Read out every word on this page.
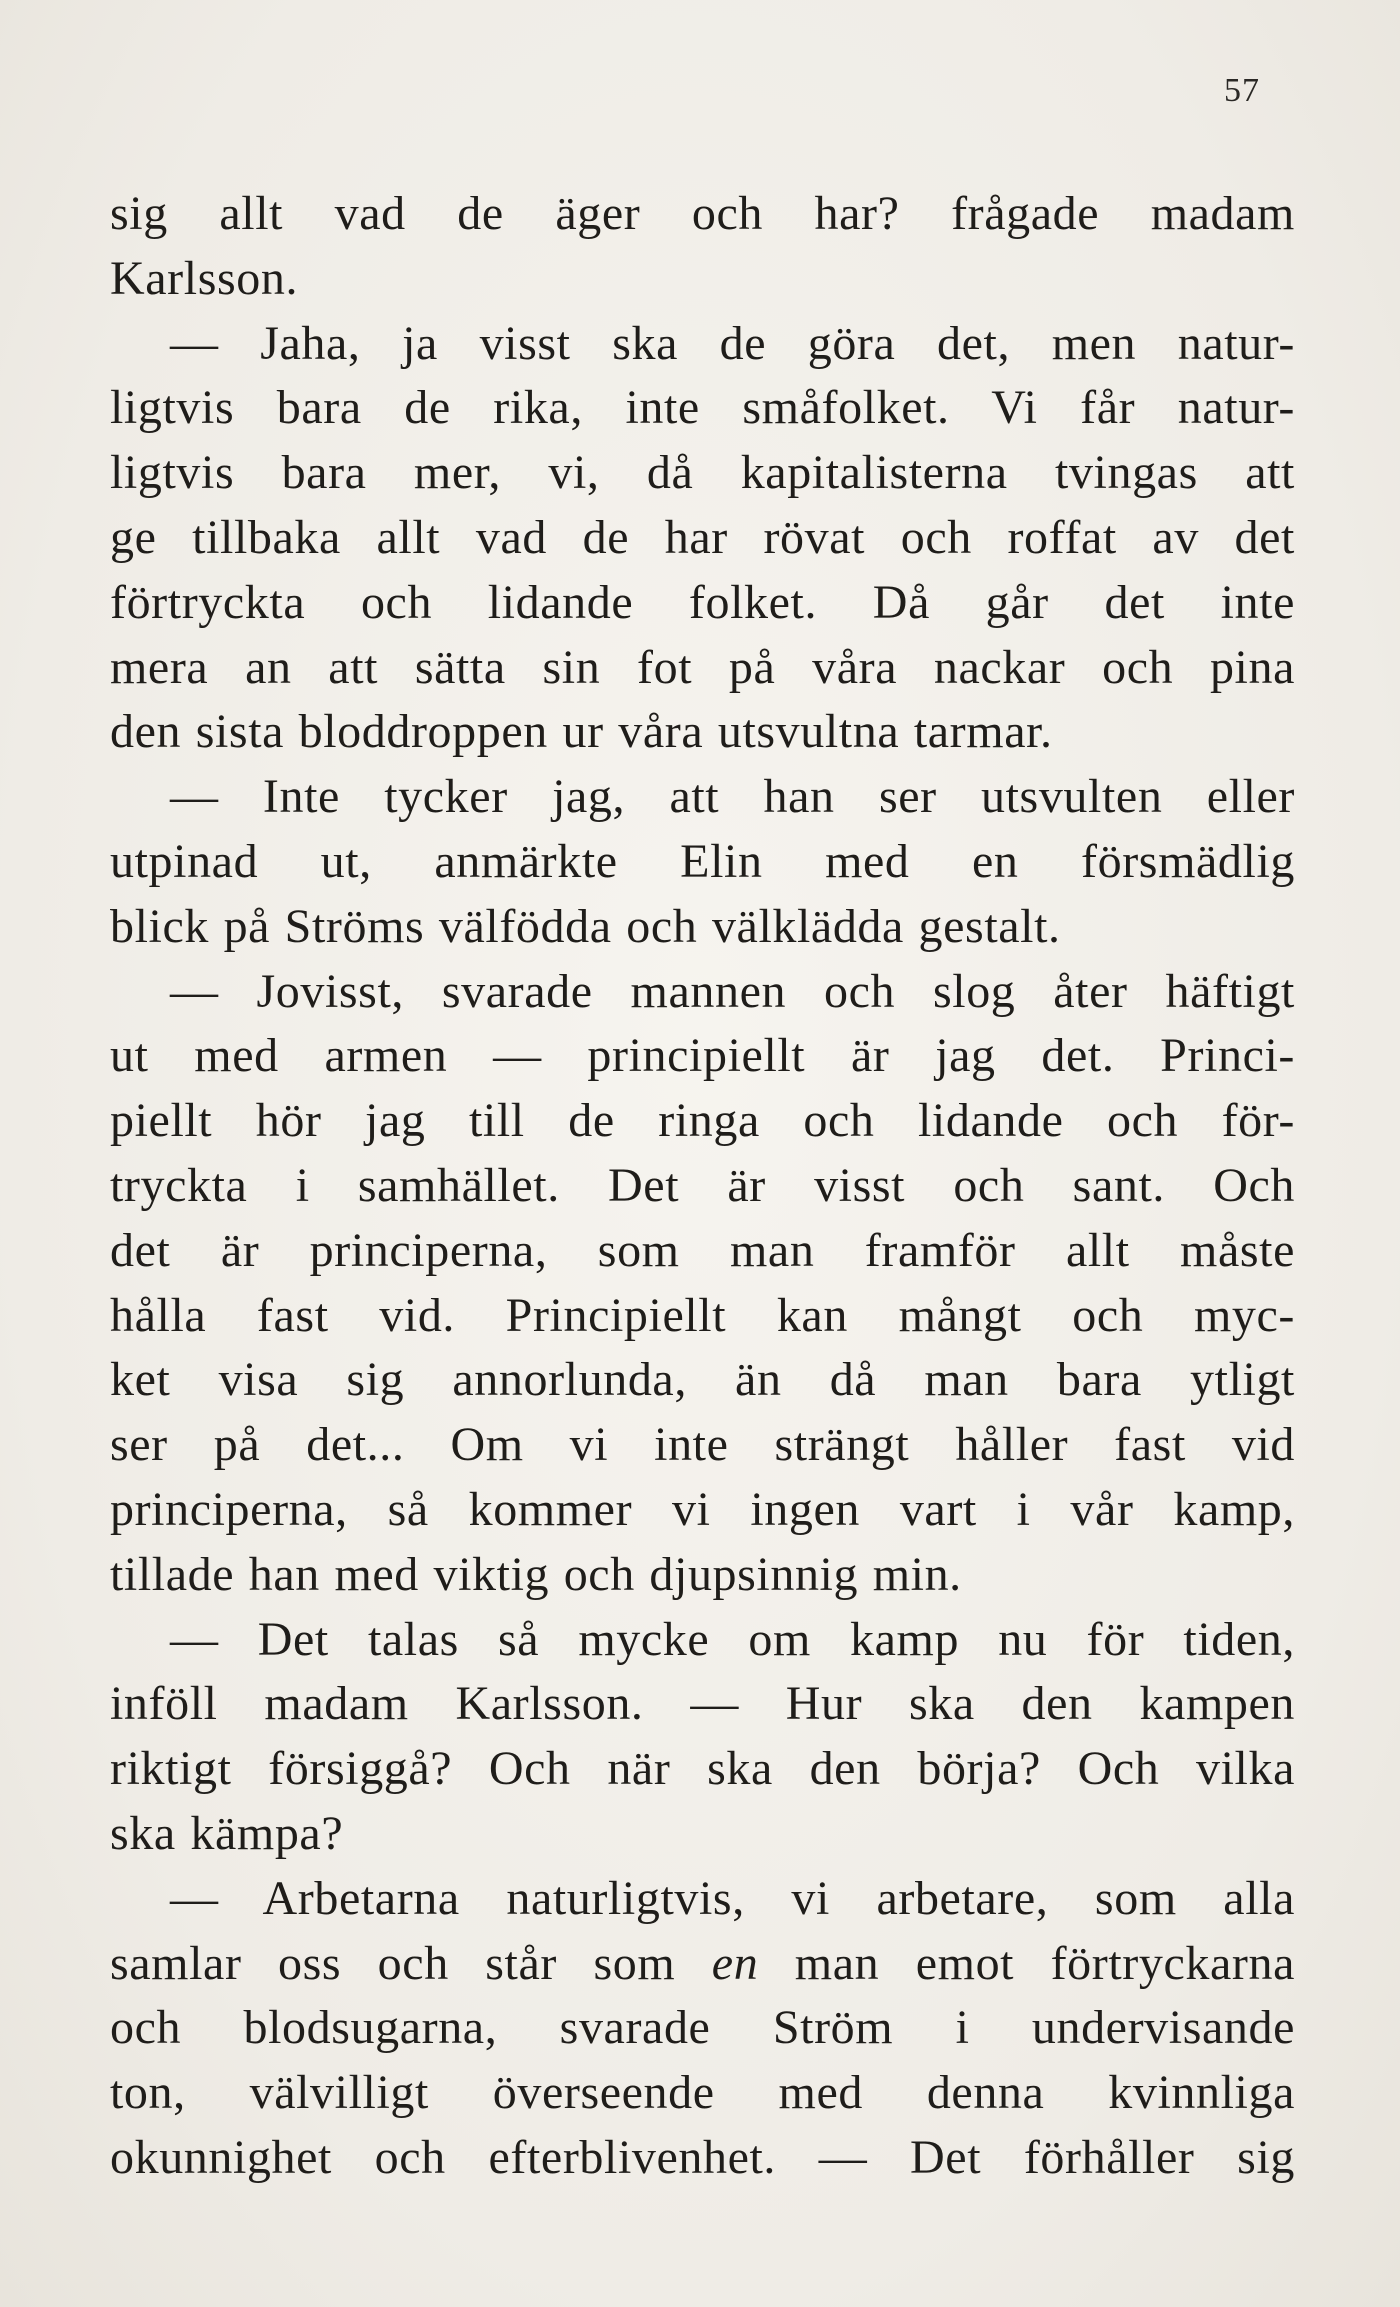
57
sig allt vad de äger och har? frågade madam
Karlsson.
— Jaha, ja visst ska de göra det, men natur-
ligtvis bara de rika, inte småfolket. Vi får natur-
ligtvis bara mer, vi, då kapitalisterna tvingas att
ge tillbaka allt vad de har rövat och roffat av det
förtryckta och lidande folket. Då går det inte
mera an att sätta sin fot på våra nackar och pina
den sista bloddroppen ur våra utsvultna tarmar.
— Inte tycker jag, att han ser utsvulten eller
utpinad ut, anmärkte Elin med en försmädlig
blick på Ströms välfödda och välklädda gestalt.
— Jovisst, svarade mannen och slog åter häftigt
ut med armen — principiellt är jag det. Princi-
piellt hör jag till de ringa och lidande och för-
tryckta i samhället. Det är visst och sant. Och
det är principerna, som man framför allt måste
hålla fast vid. Principiellt kan mångt och myc-
ket visa sig annorlunda, än då man bara ytligt
ser på det... Om vi inte strängt håller fast vid
principerna, så kommer vi ingen vart i vår kamp,
tillade han med viktig och djupsinnig min.
— Det talas så mycke om kamp nu för tiden,
inföll madam Karlsson. — Hur ska den kampen
riktigt försiggå? Och när ska den börja? Och vilka
ska kämpa?
— Arbetarna naturligtvis, vi arbetare, som alla
samlar oss och står som en man emot förtryckarna
och blodsugarna, svarade Ström i undervisande
ton, välvilligt överseende med denna kvinnliga
okunnighet och efterblivenhet. — Det förhåller sig
